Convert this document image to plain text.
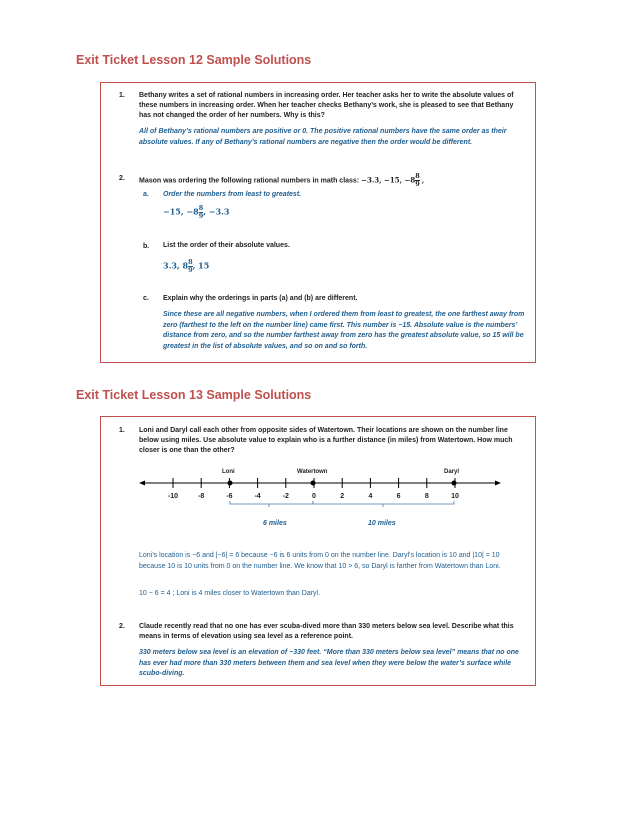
Exit Ticket Lesson 12 Sample Solutions
1. Bethany writes a set of rational numbers in increasing order. Her teacher asks her to write the absolute values of these numbers in increasing order. When her teacher checks Bethany’s work, she is pleased to see that Bethany has not changed the order of her numbers. Why is this?
All of Bethany’s rational numbers are positive or 0. The positive rational numbers have the same order as their absolute values. If any of Bethany’s rational numbers are negative then the order would be different.
2. Mason was ordering the following rational numbers in math class: −3.3, −15, $-8 \frac{8}{9}$ ,
a. Order the numbers from least to greatest.
−15, $-8 \frac{8}{9}$ , −3.3
b. List the order of their absolute values.
3.3, $8 \frac{8}{9}$ , 15
c. Explain why the orderings in parts (a) and (b) are different.
Since these are all negative numbers, when I ordered them from least to greatest, the one farthest away from zero (farthest to the left on the number line) came first. This number is −15. Absolute value is the numbers’ distance from zero, and so the number farthest away from zero has the greatest absolute value, so 15 will be greatest in the list of absolute values, and so on and so forth.
Exit Ticket Lesson 13 Sample Solutions
1. Loni and Daryl call each other from opposite sides of Watertown. Their locations are shown on the number line below using miles. Use absolute value to explain who is a further distance (in miles) from Watertown. How much closer is one than the other?
Loni	Watertown	Daryl
-10	-8	-6	-4	-2	0	2	4	6	8	10
6 miles	10 miles
Loni’s location is −6 and |−6| = 6 because −6 is 6 units from 0 on the number line. Daryl’s location is 10 and |10| = 10 because 10 is 10 units from 0 on the number line. We know that 10 > 6, so Daryl is farther from Watertown than Loni.
10 − 6 = 4 ; Loni is 4 miles closer to Watertown than Daryl.
2. Claude recently read that no one has ever scuba-dived more than 330 meters below sea level. Describe what this means in terms of elevation using sea level as a reference point.
330 meters below sea level is an elevation of −330 feet. “More than 330 meters below sea level” means that no one has ever had more than 330 meters between them and sea level when they were below the water’s surface while scubo-diving.
